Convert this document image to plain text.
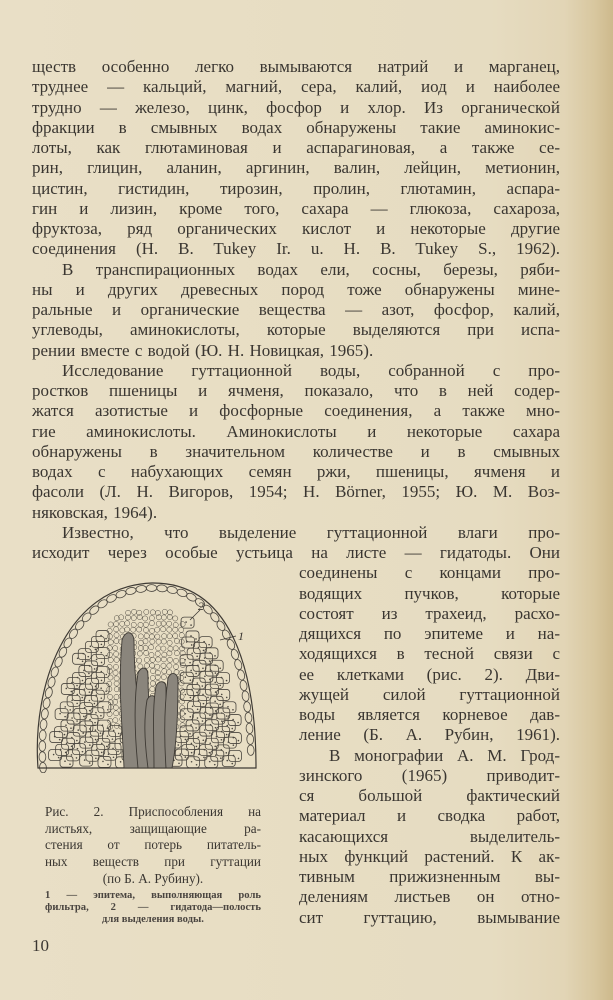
ществ особенно легко вымываются натрий и марганец,
труднее — кальций, магний, сера, калий, иод и наиболее
трудно — железо, цинк, фосфор и хлор. Из органической
фракции в смывных водах обнаружены такие аминокис-
лоты, как глютаминовая и аспарагиновая, а также се-
рин, глицин, аланин, аргинин, валин, лейцин, метионин,
цистин, гистидин, тирозин, пролин, глютамин, аспара-
гин и лизин, кроме того, сахара — глюкоза, сахароза,
фруктоза, ряд органических кислот и некоторые другие
соединения (H. B. Tukey Ir. u. H. B. Tukey S., 1962).
В транспирационных водах ели, сосны, березы, ряби-
ны и других древесных пород тоже обнаружены мине-
ральные и органические вещества — азот, фосфор, калий,
углеводы, аминокислоты, которые выделяются при испа-
рении вместе с водой (Ю. Н. Новицкая, 1965).
Исследование гуттационной воды, собранной с про-
ростков пшеницы и ячменя, показало, что в ней содер-
жатся азотистые и фосфорные соединения, а также мно-
гие аминокислоты. Аминокислоты и некоторые сахара
обнаружены в значительном количестве и в смывных
водах с набухающих семян ржи, пшеницы, ячменя и
фасоли (Л. Н. Вигоров, 1954; H. Börner, 1955; Ю. М. Воз-
няковская, 1964).
Известно, что выделение гуттационной влаги про-
исходит через особые устьица на листе — гидатоды. Они
соединены с концами про-
водящих пучков, которые
состоят из трахеид, расхо-
дящихся по эпитеме и на-
ходящихся в тесной связи с
ее клетками (рис. 2). Дви-
жущей силой гуттационной
воды является корневое дав-
ление (Б. А. Рубин, 1961).
В монографии А. М. Грод-
зинского (1965) приводит-
ся большой фактический
материал и сводка работ,
касающихся выделитель-
ных функций растений. К ак-
тивным прижизненным вы-
делениям листьев он отно-
сит гуттацию, вымывание
2
1
Рис. 2. Приспособления на
листьях, защищающие ра-
стения от потерь питатель-
ных веществ при гуттации
(по Б. А. Рубину).
1 — эпитема, выполняющая роль
фильтра, 2 — гидатода—полость
для выделения воды.
10
